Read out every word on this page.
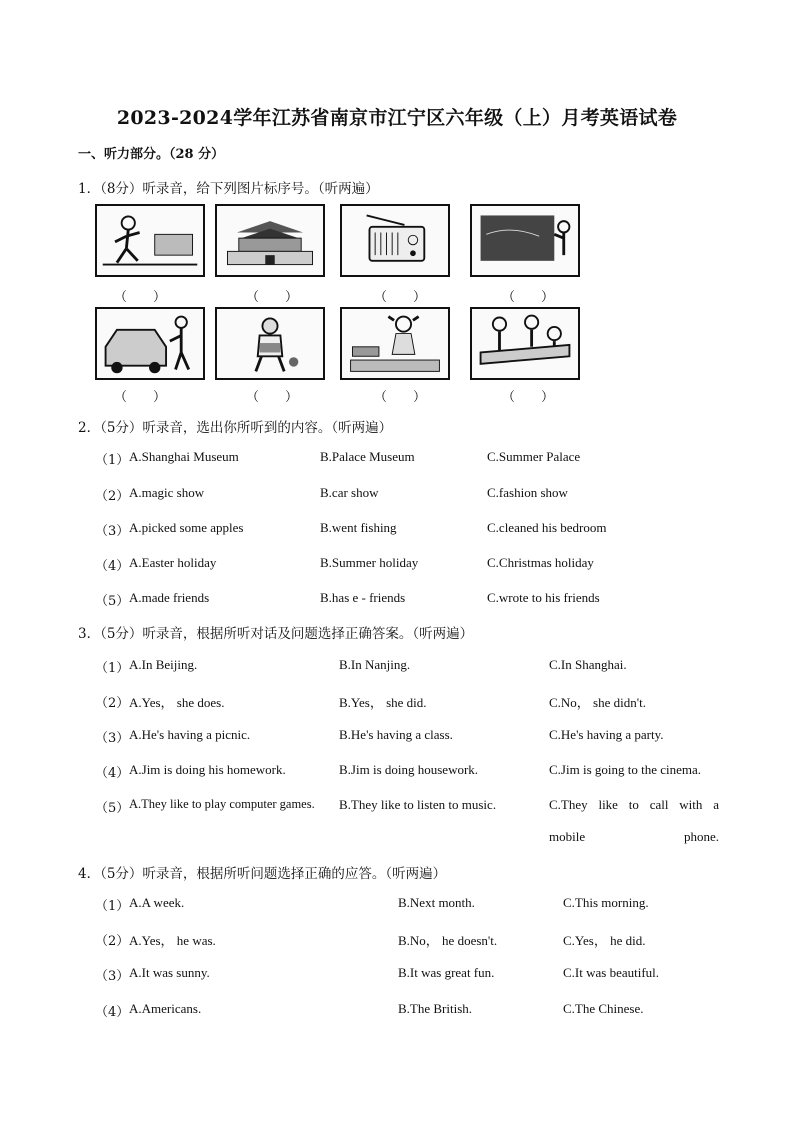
2023-2024学年江苏省南京市江宁区六年级（上）月考英语试卷
一、听力部分。（28 分）
1．（8分）听录音，给下列图片标序号。（听两遍）
（　　）	（　　）	（　　）	（　　）
（　　）	（　　）	（　　）	（　　）
2．（5分）听录音，选出你所听到的内容。（听两遍）
（1） A.Shanghai Museum	B.Palace Museum	C.Summer Palace
（2） A.magic show	B.car show	C.fashion show
（3） A.picked some apples	B.went fishing	C.cleaned his bedroom
（4） A.Easter holiday	B.Summer holiday	C.Christmas holiday
（5） A.made friends	B.has e - friends	C.wrote to his friends
3．（5分）听录音，根据所听对话及问题选择正确答案。（听两遍）
（1） A.In Beijing.	B.In Nanjing.	C.In Shanghai.
（2） A.Yes， she does.	B.Yes， she did.	C.No， she didn't.
（3） A.He's having a picnic.	B.He's having a class.	C.He's having a party.
（4） A.Jim is doing his homework.	B.Jim is doing housework.	C.Jim is going to the cinema.
（5） A.They like to play computer games. B.They like to listen to music.	C.They like to call with a mobile phone.
4．（5分）听录音，根据所听问题选择正确的应答。（听两遍）
（1） A.A week.	B.Next month.	C.This morning.
（2） A.Yes， he was.	B.No， he doesn't.	C.Yes， he did.
（3） A.It was sunny.	B.It was great fun.	C.It was beautiful.
（4） A.Americans.	B.The British.	C.The Chinese.
